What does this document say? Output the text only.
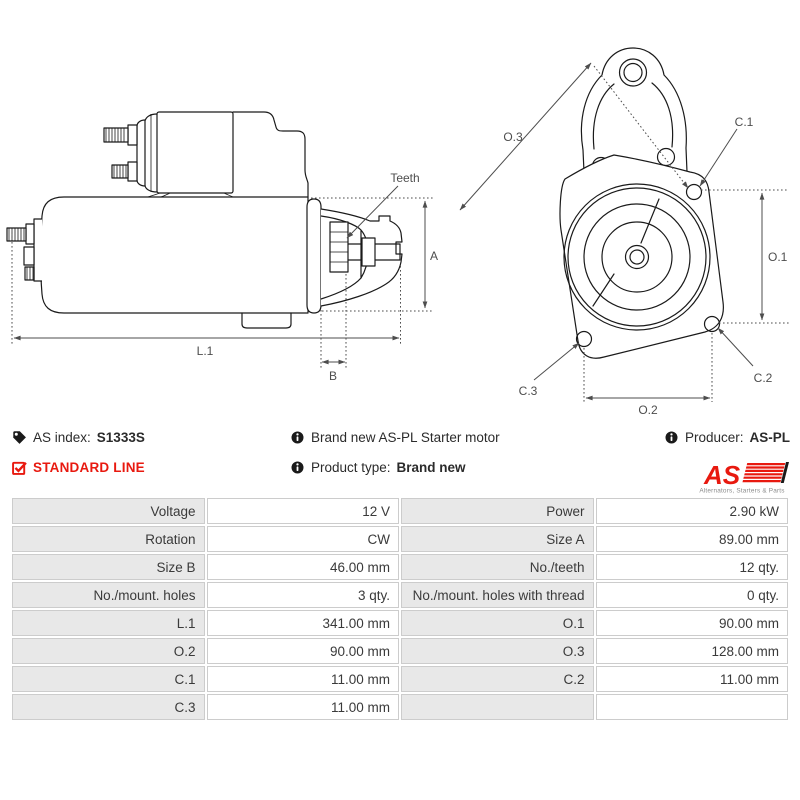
Teeth
A
L.1
B
O.3
C.1
O.1
C.2
C.3
O.2
AS index: S1333S
STANDARD LINE
Brand new AS-PL Starter motor
Product type: Brand new
Producer: AS-PL
AS
Alternators, Starters & Parts
Voltage	12 V	Power	2.90 kW
Rotation	CW	Size A	89.00 mm
Size B	46.00 mm	No./teeth	12 qty.
No./mount. holes	3 qty.	No./mount. holes with thread	0 qty.
L.1	341.00 mm	O.1	90.00 mm
O.2	90.00 mm	O.3	128.00 mm
C.1	11.00 mm	C.2	11.00 mm
C.3	11.00 mm		
